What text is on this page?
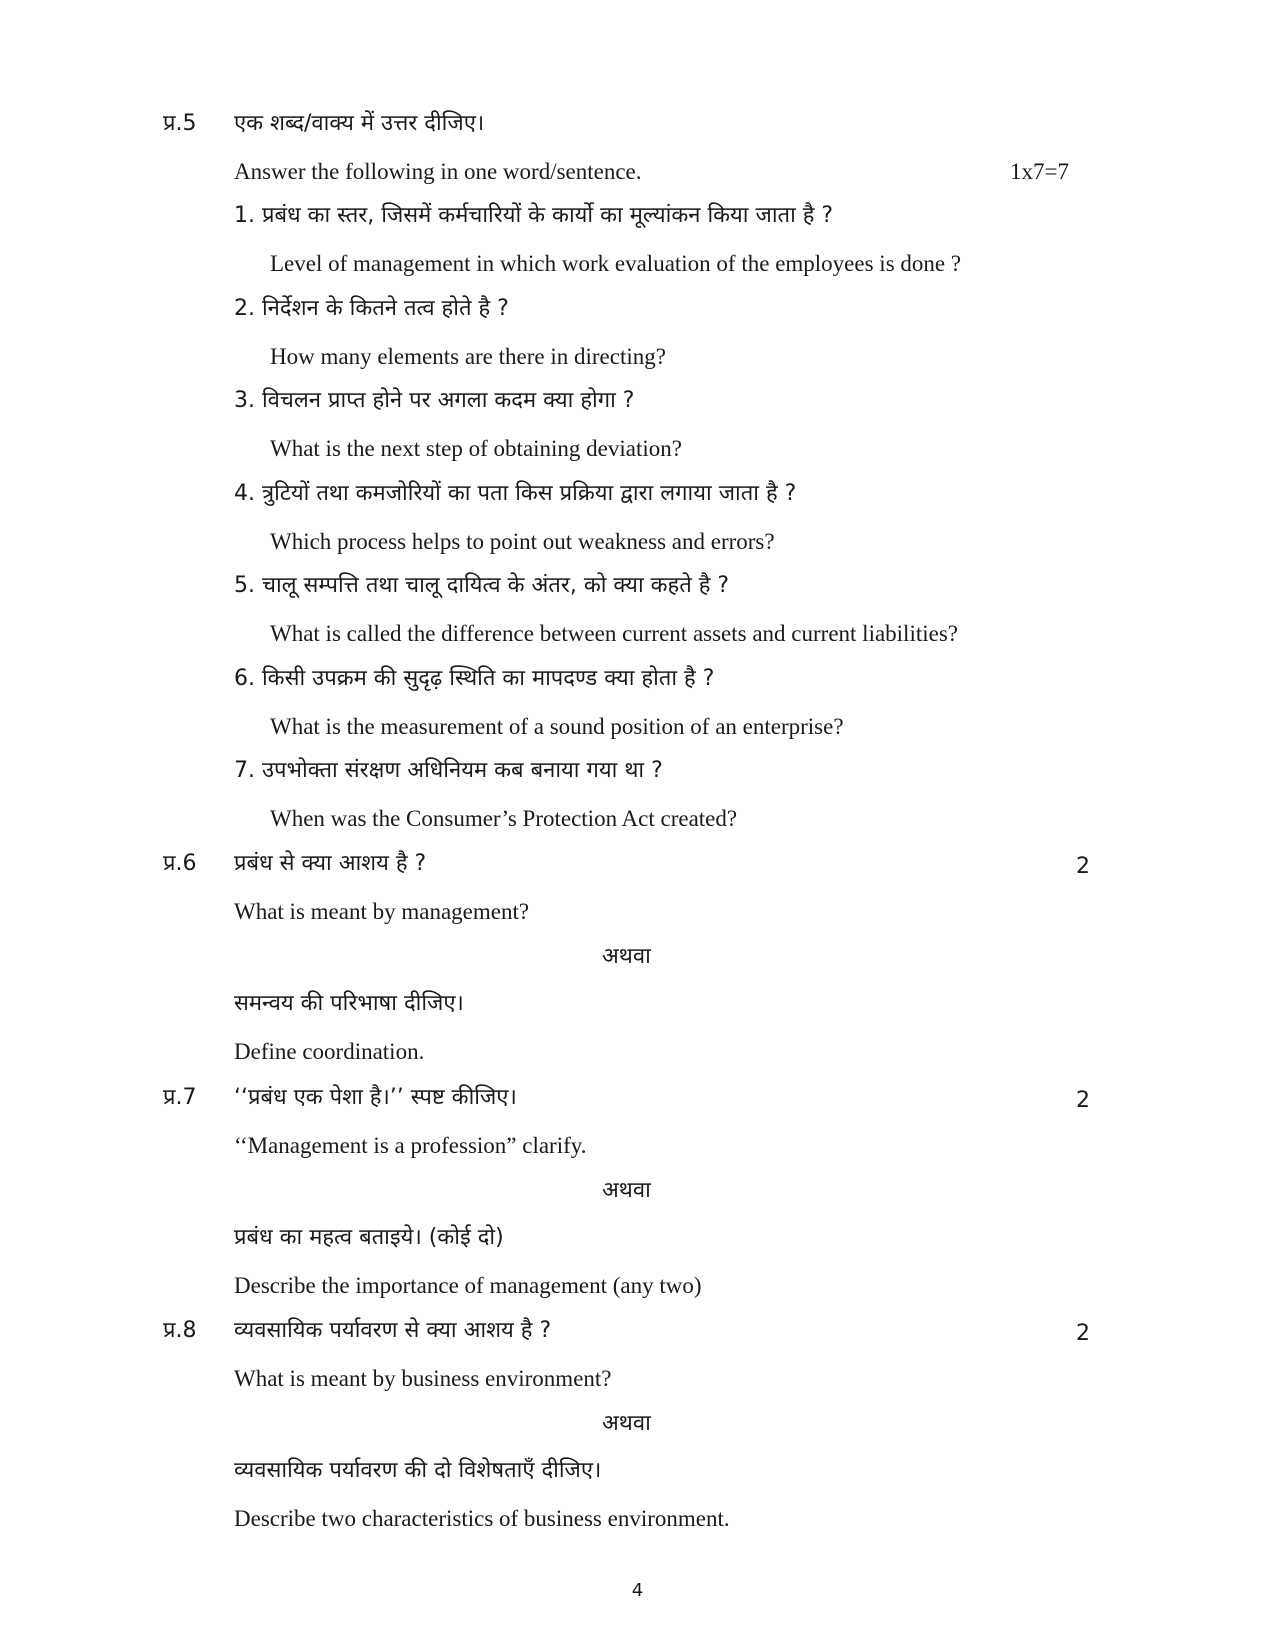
प्र.5 एक शब्द/वाक्य में उत्तर दीजिए।
Answer the following in one word/sentence.	1x7=7
1. प्रबंध का स्तर, जिसमें कर्मचारियों के कार्यो का मूल्यांकन किया जाता है ?
Level of management in which work evaluation of the employees is done ?
2. निर्देशन के कितने तत्व होते है ?
How many elements are there in directing?
3. विचलन प्राप्त होने पर अगला कदम क्या होगा ?
What is the next step of obtaining deviation?
4. त्रुटियों तथा कमजोरियों का पता किस प्रक्रिया द्वारा लगाया जाता है ?
Which process helps to point out weakness and errors?
5. चालू सम्पत्ति तथा चालू दायित्व के अंतर, को क्या कहते है ?
What is called the difference between current assets and current liabilities?
6. किसी उपक्रम की सुदृढ़ स्थिति का मापदण्ड क्या होता है ?
What is the measurement of a sound position of an enterprise?
7. उपभोक्ता संरक्षण अधिनियम कब बनाया गया था ?
When was the Consumer’s Protection Act created?
प्र.6 प्रबंध से क्या आशय है ?	2
What is meant by management?
अथवा
समन्वय की परिभाषा दीजिए।
Define coordination.
प्र.7 ‘‘प्रबंध एक पेशा है।’’ स्पष्ट कीजिए।	2
‘‘Management is a profession” clarify.
अथवा
प्रबंध का महत्व बताइये। (कोई दो)
Describe the importance of management (any two)
प्र.8 व्यवसायिक पर्यावरण से क्या आशय है ?	2
What is meant by business environment?
अथवा
व्यवसायिक पर्यावरण की दो विशेषताएँ दीजिए।
Describe two characteristics of business environment.
4
